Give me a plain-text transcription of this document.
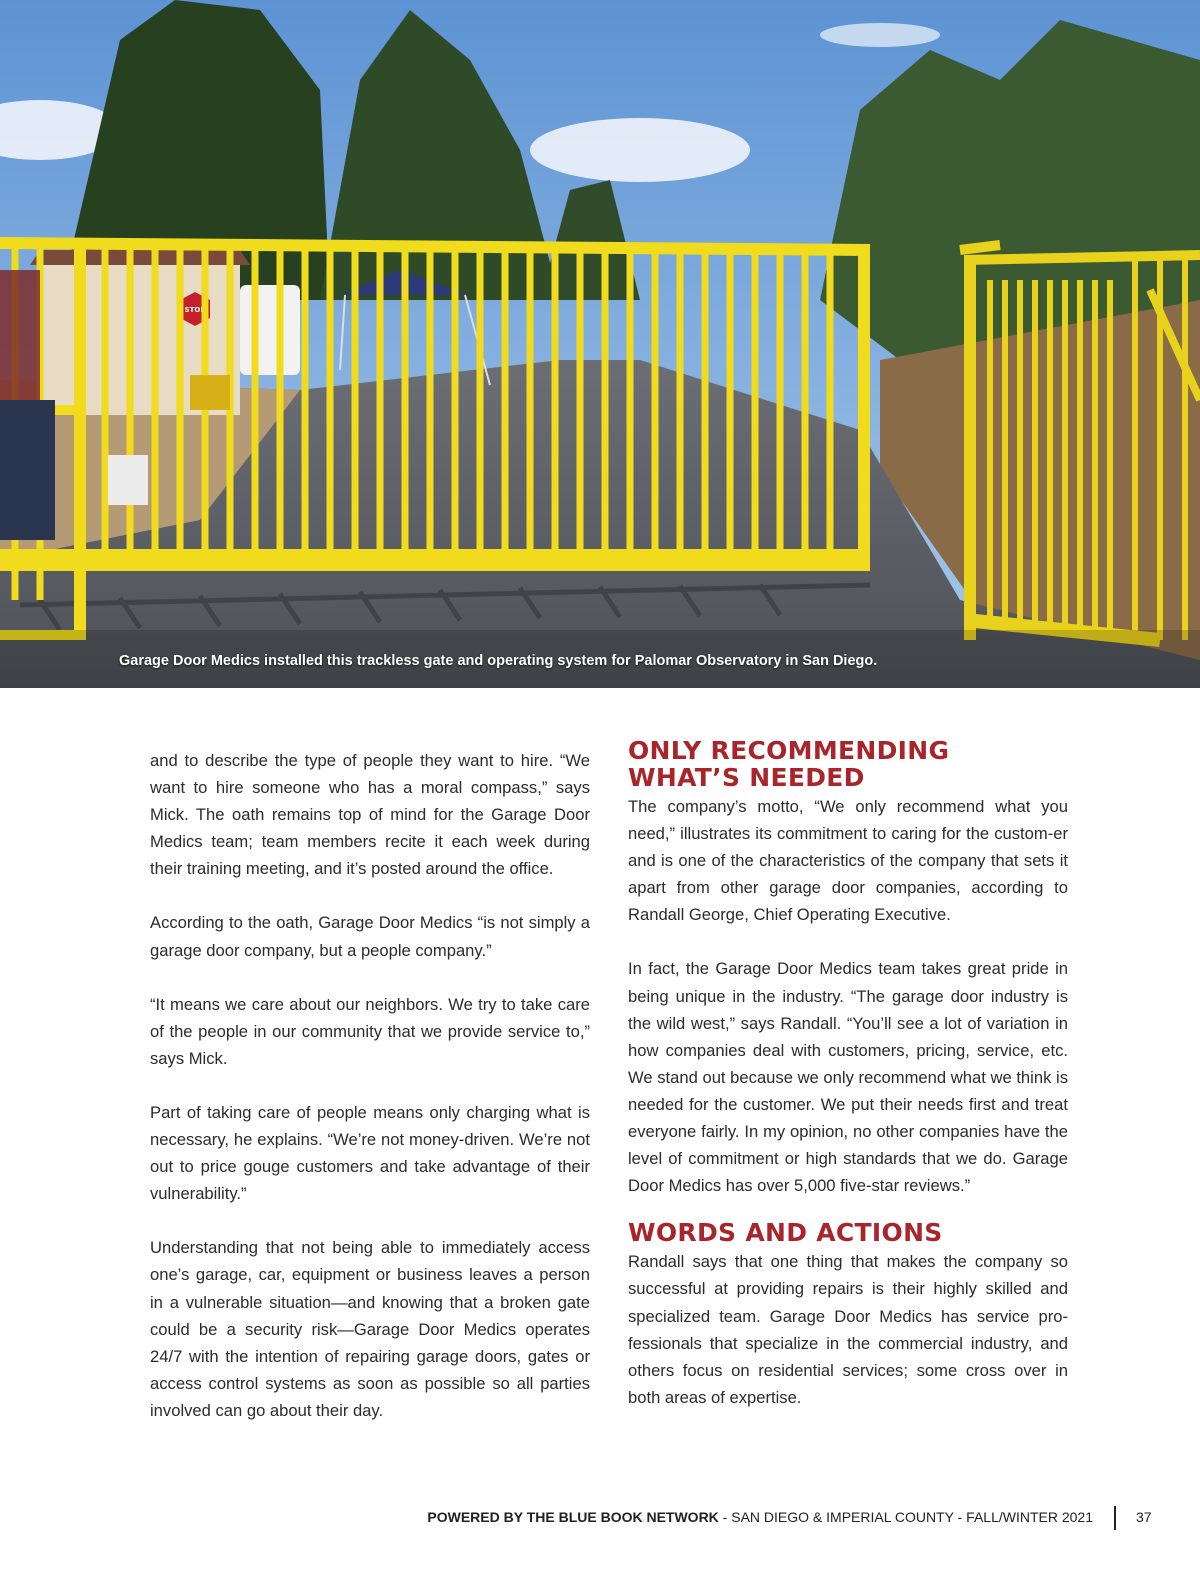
STOP
Garage Door Medics installed this trackless gate and operating system for Palomar Observatory in San Diego.

and to describe the type of people they want to hire. “We want to hire someone who has a moral compass,” says Mick. The oath remains top of mind for the Garage Door Medics team; team members recite it each week during their training meeting, and it’s posted around the office.

According to the oath, Garage Door Medics “is not simply a garage door company, but a people company.”

“It means we care about our neighbors. We try to take care of the people in our community that we provide service to,” says Mick.

Part of taking care of people means only charging what is necessary, he explains. “We’re not money-driven. We’re not out to price gouge customers and take advantage of their vulnerability.”

Understanding that not being able to immediately access one’s garage, car, equipment or business leaves a person in a vulnerable situation—and knowing that a broken gate could be a security risk—Garage Door Medics operates 24/7 with the intention of repairing garage doors, gates or access control systems as soon as possible so all parties involved can go about their day.

ONLY RECOMMENDING
WHAT’S NEEDED

The company’s motto, “We only recommend what you need,” illustrates its commitment to caring for the custom-er and is one of the characteristics of the company that sets it apart from other garage door companies, according to Randall George, Chief Operating Executive.

In fact, the Garage Door Medics team takes great pride in being unique in the industry. “The garage door industry is the wild west,” says Randall. “You’ll see a lot of variation in how companies deal with customers, pricing, service, etc. We stand out because we only recommend what we think is needed for the customer. We put their needs first and treat everyone fairly. In my opinion, no other companies have the level of commitment or high standards that we do. Garage Door Medics has over 5,000 five-star reviews.”

WORDS AND ACTIONS

Randall says that one thing that makes the company so successful at providing repairs is their highly skilled and specialized team. Garage Door Medics has service pro-fessionals that specialize in the commercial industry, and others focus on residential services; some cross over in both areas of expertise.

POWERED BY THE BLUE BOOK NETWORK - SAN DIEGO & IMPERIAL COUNTY - FALL/WINTER 2021	37
